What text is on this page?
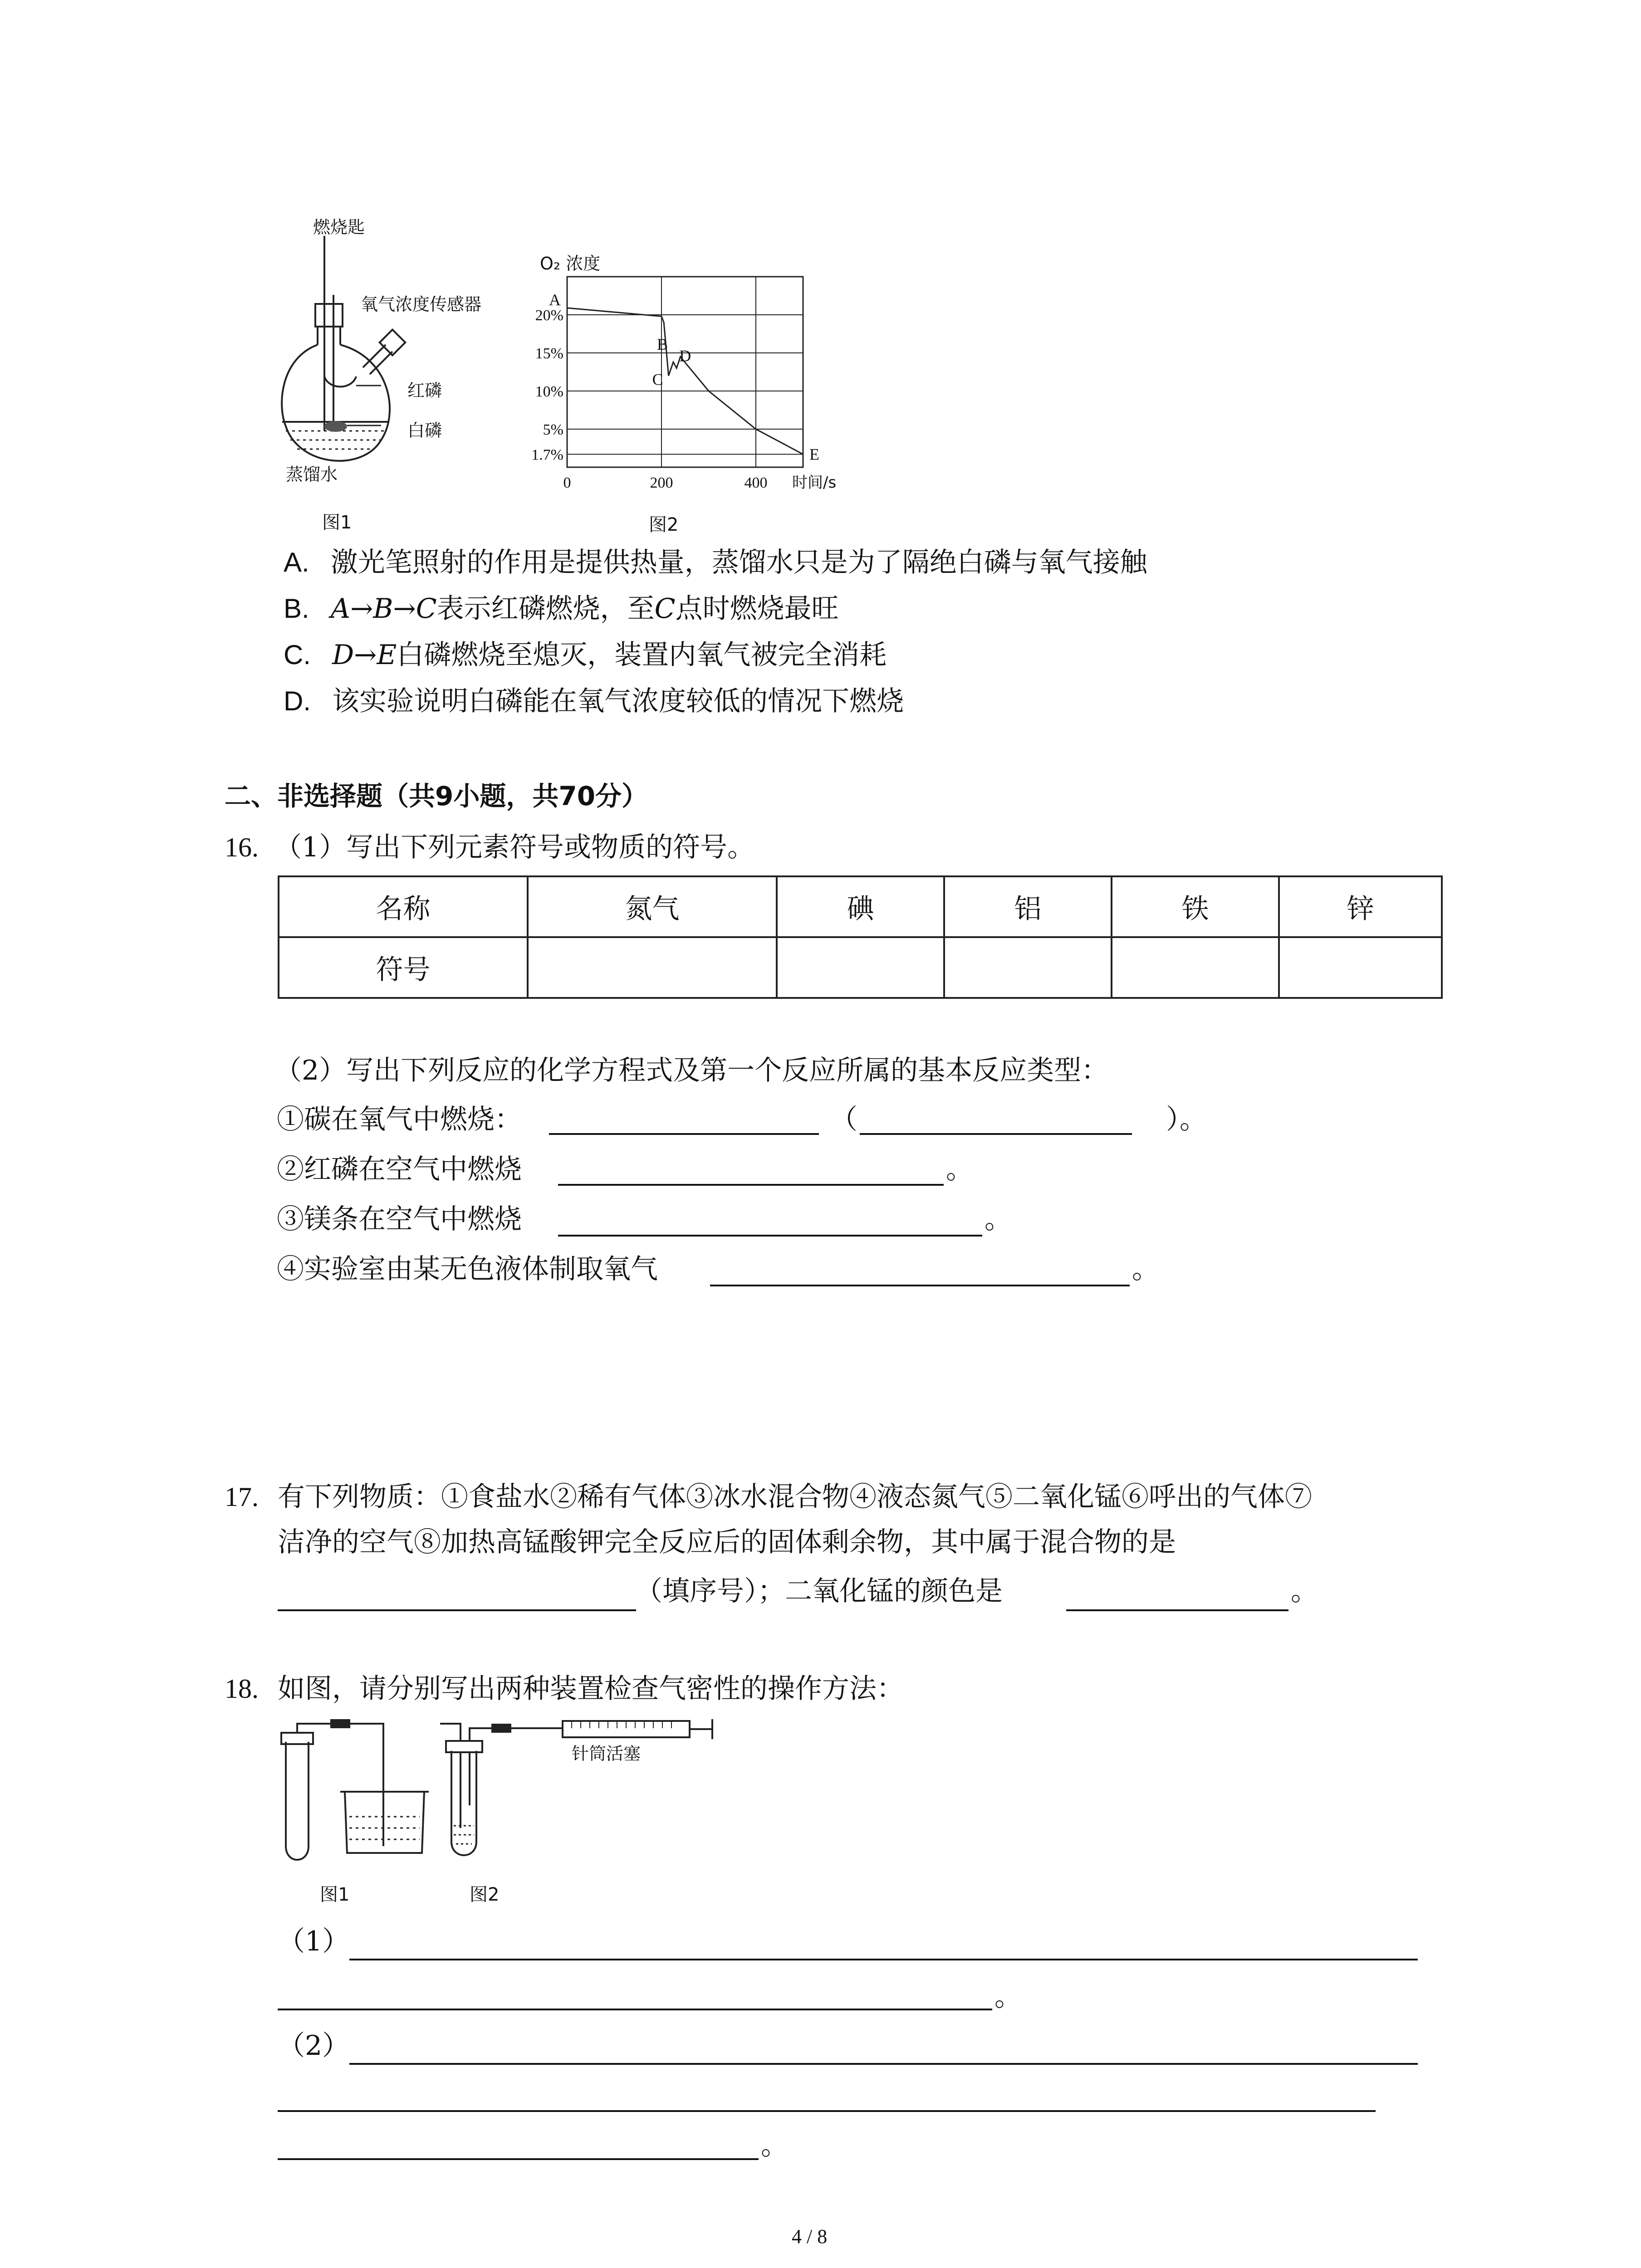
燃烧匙
氧气浓度传感器
红磷
白磷
蒸馏水
图1
20%
15%
10%
5%
1.7%
0	200	400 时间/s
A
B
C
D
E
O₂ 浓度
图2
A. 激光笔照射的作用是提供热量，蒸馏水只是为了隔绝白磷与氧气接触
B. A→B→C表示红磷燃烧，至C点时燃烧最旺
C. D→E白磷燃烧至熄灭，装置内氧气被完全消耗
D. 该实验说明白磷能在氧气浓度较低的情况下燃烧
二、非选择题（共9小题，共70分）
16. （1）写出下列元素符号或物质的符号。
名称	氮气	碘	铝	铁	锌
符号					
（2）写出下列反应的化学方程式及第一个反应所属的基本反应类型：
①碳在氧气中燃烧：	（	）。
②红磷在空气中燃烧	。
③镁条在空气中燃烧	。
④实验室由某无色液体制取氧气	。
17. 有下列物质：①食盐水②稀有气体③冰水混合物④液态氮气⑤二氧化锰⑥呼出的气体⑦
洁净的空气⑧加热高锰酸钾完全反应后的固体剩余物，其中属于混合物的是
（填序号）；二氧化锰的颜色是	。
18. 如图，请分别写出两种装置检查气密性的操作方法：
针筒活塞
图1	图2
（1）
。
（2）
。
4 / 8
